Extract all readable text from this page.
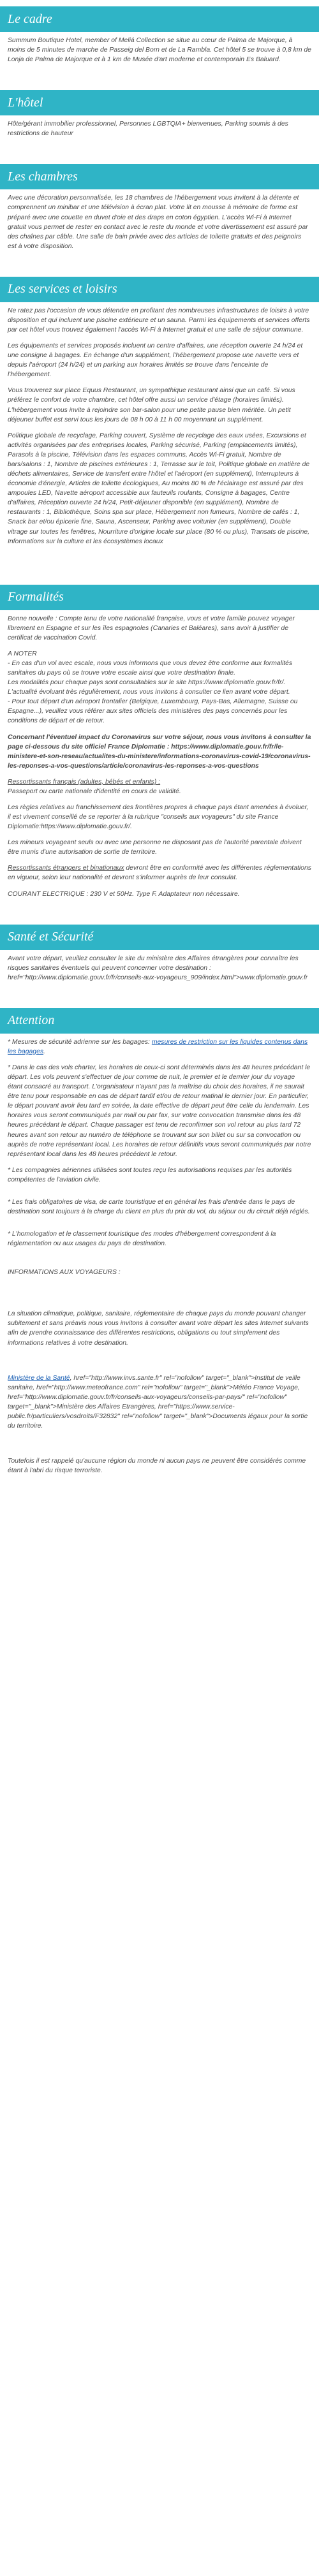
Le cadre

Summum Boutique Hotel, member of Meliá Collection se situe au cœur de Palma de Majorque, à moins de 5 minutes de marche de Passeig del Born et de La Rambla. Cet hôtel 5 se trouve à 0,8 km de Lonja de Palma de Majorque et à 1 km de Musée d'art moderne et contemporain Es Baluard.

L'hôtel

Hôte/gérant immobilier professionnel, Personnes LGBTQIA+ bienvenues, Parking soumis à des restrictions de hauteur

Les chambres

Avec une décoration personnalisée, les 18 chambres de l'hébergement vous invitent à la détente et comprennent un minibar et une télévision à écran plat. Votre lit en mousse à mémoire de forme est préparé avec une couette en duvet d'oie et des draps en coton égyptien. L'accès Wi-Fi à Internet gratuit vous permet de rester en contact avec le reste du monde et votre divertissement est assuré par des chaînes par câble. Une salle de bain privée avec des articles de toilette gratuits et des peignoirs est à votre disposition.

Les services et loisirs

Ne ratez pas l'occasion de vous détendre en profitant des nombreuses infrastructures de loisirs à votre disposition et qui incluent une piscine extérieure et un sauna. Parmi les équipements et services offerts par cet hôtel vous trouvez également l'accès Wi-Fi à Internet gratuit et une salle de séjour commune.

Les équipements et services proposés incluent un centre d'affaires, une réception ouverte 24 h/24 et une consigne à bagages. En échange d'un supplément, l'hébergement propose une navette vers et depuis l'aéroport (24 h/24) et un parking aux horaires limités se trouve dans l'enceinte de l'hébergement.

Vous trouverez sur place Equus Restaurant, un sympathique restaurant ainsi que un café. Si vous préférez le confort de votre chambre, cet hôtel offre aussi un service d'étage (horaires limités). L'hébergement vous invite à rejoindre son bar-salon pour une petite pause bien méritée. Un petit déjeuner buffet est servi tous les jours de 08 h 00 à 11 h 00 moyennant un supplément.

Politique globale de recyclage, Parking couvert, Système de recyclage des eaux usées, Excursions et activités organisées par des entreprises locales, Parking sécurisé, Parking (emplacements limités), Parasols à la piscine, Télévision dans les espaces communs, Accès Wi-Fi gratuit, Nombre de bars/salons : 1, Nombre de piscines extérieures : 1, Terrasse sur le toit, Politique globale en matière de déchets alimentaires, Service de transfert entre l'hôtel et l'aéroport (en supplément), Interrupteurs à économie d'énergie, Articles de toilette écologiques, Au moins 80 % de l'éclairage est assuré par des ampoules LED, Navette aéroport accessible aux fauteuils roulants, Consigne à bagages, Centre d'affaires, Réception ouverte 24 h/24, Petit-déjeuner disponible (en supplément), Nombre de restaurants : 1, Bibliothèque, Soins spa sur place, Hébergement non fumeurs, Nombre de cafés : 1, Snack bar et/ou épicerie fine, Sauna, Ascenseur, Parking avec voiturier (en supplément), Double vitrage sur toutes les fenêtres, Nourriture d'origine locale sur place (80 % ou plus), Transats de piscine, Informations sur la culture et les écosystèmes locaux

Formalités

Bonne nouvelle : Compte tenu de votre nationalité française, vous et votre famille pouvez voyager librement en Espagne et sur les îles espagnoles (Canaries et Baléares), sans avoir à justifier de certificat de vaccination Covid.

A NOTER
- En cas d'un vol avec escale, nous vous informons que vous devez être conforme aux formalités sanitaires du pays où se trouve votre escale ainsi que votre destination finale.
Les modalités pour chaque pays sont consultables sur le site https://www.diplomatie.gouv.fr/fr/. L'actualité évoluant très régulièrement, nous vous invitons à consulter ce lien avant votre départ.
- Pour tout départ d'un aéroport frontalier (Belgique, Luxembourg, Pays-Bas, Allemagne, Suisse ou Espagne...), veuillez vous référer aux sites officiels des ministères des pays concernés pour les conditions de départ et de retour.

Concernant l'éventuel impact du Coronavirus sur votre séjour, nous vous invitons à consulter la page ci-dessous du site officiel France Diplomatie : https://www.diplomatie.gouv.fr/fr/le-ministere-et-son-reseau/actualites-du-ministere/informations-coronavirus-covid-19/coronavirus-les-reponses-a-vos-questions/article/coronavirus-les-reponses-a-vos-questions

Ressortissants français (adultes, bébés et enfants) :
Passeport ou carte nationale d'identité en cours de validité.

Les règles relatives au franchissement des frontières propres à chaque pays étant amenées à évoluer, il est vivement conseillé de se reporter à la rubrique "conseils aux voyageurs" du site France Diplomatie:https://www.diplomatie.gouv.fr/.

Les mineurs voyageant seuls ou avec une personne ne disposant pas de l'autorité parentale doivent être munis d'une autorisation de sortie de territoire.

Ressortissants étrangers et binationaux devront être en conformité avec les différentes réglementations en vigueur, selon leur nationalité et devront s'informer auprès de leur consulat.

COURANT ELECTRIQUE : 230 V et 50Hz. Type F. Adaptateur non nécessaire.

Santé et Sécurité

Avant votre départ, veuillez consulter le site du ministère des Affaires étrangères pour connaître les risques sanitaires éventuels qui peuvent concerner votre destination : href="http://www.diplomatie.gouv.fr/fr/conseils-aux-voyageurs_909/index.html">www.diplomatie.gouv.fr

Attention

* Mesures de sécurité adrienne sur les bagages: mesures de restriction sur les liquides contenus dans les bagages.

* Dans le cas des vols charter, les horaires de ceux-ci sont déterminés dans les 48 heures précédant le départ. Les vols peuvent s'effectuer de jour comme de nuit, le premier et le dernier jour du voyage étant consacré au transport. L'organisateur n'ayant pas la maîtrise du choix des horaires, il ne saurait être tenu pour responsable en cas de départ tardif et/ou de retour matinal le dernier jour. En particulier, le départ pouvant avoir lieu tard en soirée, la date effective de départ peut être celle du lendemain. Les horaires vous seront communiqués par mail ou par fax, sur votre convocation transmise dans les 48 heures précédant le départ. Chaque passager est tenu de reconfirmer son vol retour au plus tard 72 heures avant son retour au numéro de téléphone se trouvant sur son billet ou sur sa convocation ou auprès de notre représentant local. Les horaires de retour définitifs vous seront communiqués par notre représentant local dans les 48 heures précédent le retour.

* Les compagnies aériennes utilisées sont toutes reçu les autorisations requises par les autorités compétentes de l'aviation civile.

* Les frais obligatoires de visa, de carte touristique et en général les frais d'entrée dans le pays de destination sont toujours à la charge du client en plus du prix du vol, du séjour ou du circuit déjà réglés.

* L'homologation et le classement touristique des modes d'hébergement correspondent à la réglementation ou aux usages du pays de destination.

INFORMATIONS AUX VOYAGEURS :

La situation climatique, politique, sanitaire, réglementaire de chaque pays du monde pouvant changer subitement et sans préavis nous vous invitons à consulter avant votre départ les sites Internet suivants afin de prendre connaissance des différentes restrictions, obligations ou tout simplement des informations relatives à votre destination.

Ministère de la Santé, href="http://www.invs.sante.fr" rel="nofollow" target="_blank">Institut de veille sanitaire, href="http://www.meteofrance.com" rel="nofollow" target="_blank">Météo France Voyage, href="http://www.diplomatie.gouv.fr/fr/conseils-aux-voyageurs/conseils-par-pays/" rel="nofollow" target="_blank">Ministère des Affaires Etrangères, href="https://www.service-public.fr/particuliers/vosdroits/F32832" rel="nofollow" target="_blank">Documents légaux pour la sortie du territoire.

Toutefois il est rappelé qu'aucune région du monde ni aucun pays ne peuvent être considérés comme étant à l'abri du risque terroriste.
